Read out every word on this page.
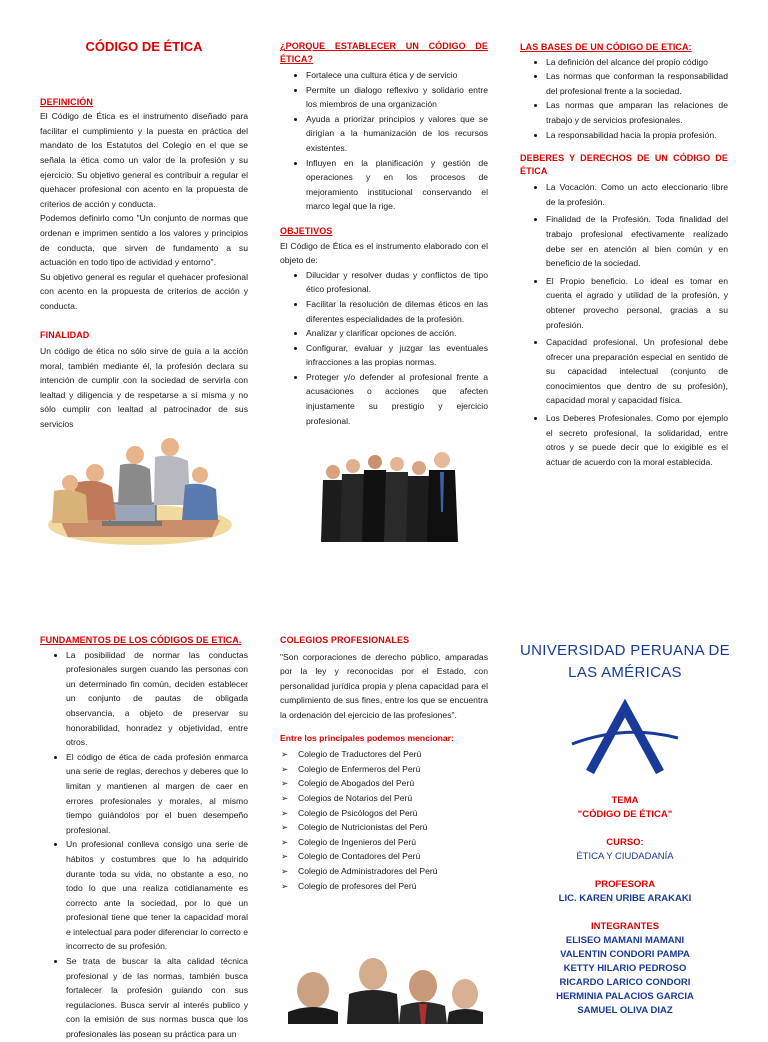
CÓDIGO DE ÉTICA
DEFINICIÓN

El Código de Ética es el instrumento diseñado para facilitar el cumplimiento y la puesta en práctica del mandato de los Estatutos del Colegio en el que se señala la ética como un valor de la profesión y su ejercicio. Su objetivo general es contribuir a regular el quehacer profesional con acento en la propuesta de criterios de acción y conducta.

Podemos definirlo como "Un conjunto de normas que ordenan e imprimen sentido a los valores y principios de conducta, que sirven de fundamento a su actuación en todo tipo de actividad y entorno".

Su objetivo general es regular el quehacer profesional con acento en la propuesta de criterios de acción y conducta.

FINALIDAD

Un código de ética no sólo sirve de guía a la acción moral, también mediante él, la profesión declara su intención de cumplir con la sociedad de servirla con lealtad y diligencia y de respetarse a sí misma y no sólo cumplir con lealtad al patrocinador de sus servicios

¿PORQUE ESTABLECER UN CÓDIGO DE ÉTICA?
• Fortalece una cultura ética y de servicio
• Permite un dialogo reflexivo y solidario entre los miembros de una organización
• Ayuda a priorizar principios y valores que se dirigían a la humanización de los recursos existentes.
• Influyen en la planificación y gestión de operaciones y en los procesos de mejoramiento institucional conservando el marco legal que la rige.
OBJETIVOS

El Código de Ética es el instrumento elaborado con el objeto de:

• Dilucidar y resolver dudas y conflictos de tipo ético profesional.
• Facilitar la resolución de dilemas éticos en las diferentes especialidades de la profesión.
• Analizar y clarificar opciones de acción.
• Configurar, evaluar y juzgar las eventuales infracciones a las propias normas.
• Proteger y/o defender al profesional frente a acusaciones o acciones que afecten injustamente su prestigio y ejercicio profesional.
LAS BASES DE UN CÓDIGO DE ETICA:
• La definición del alcance del propio código
• Las normas que conforman la responsabilidad del profesional frente a la sociedad.
• Las normas que amparan las relaciones de trabajo y de servicios profesionales.
• La responsabilidad hacia la propia profesión.
DEBERES Y DERECHOS DE UN CÓDIGO DE ÉTICA
• La Vocación. Como un acto eleccionario libre de la profesión.
• Finalidad de la Profesión. Toda finalidad del trabajo profesional efectivamente realizado debe ser en atención al bien común y en beneficio de la sociedad.
• El Propio beneficio. Lo ideal es tomar en cuenta el agrado y utilidad de la profesión, y obtener provecho personal, gracias a su profesión.
• Capacidad profesional. Un profesional debe ofrecer una preparación especial en sentido de su capacidad intelectual (conjunto de conocimientos que dentro de su profesión), capacidad moral y capacidad física.
• Los Deberes Profesionales. Como por ejemplo el secreto profesional, la solidaridad, entre otros y se puede decir que lo exigible es el actuar de acuerdo con la moral establecida.
FUNDAMENTOS DE LOS CÓDIGOS DE ETICA.
• La posibilidad de normar las conductas profesionales surgen cuando las personas con un determinado fin común, deciden establecer un conjunto de pautas de obligada observancia, a objeto de preservar su honorabilidad, honradez y objetividad, entre otros.
• El código de ética de cada profesión enmarca una serie de reglas, derechos y deberes que lo limitan y mantienen al margen de caer en errores profesionales y morales, al mismo tiempo guiándolos por el buen desempeño profesional.
• Un profesional conlleva consigo una serie de hábitos y costumbres que lo ha adquirido durante toda su vida, no obstante a eso, no todo lo que una realiza cotidianamente es correcto ante la sociedad, por lo que un profesional tiene que tener la capacidad moral e intelectual para poder diferenciar lo correcto e incorrecto de su profesión.
• Se trata de buscar la alta calidad técnica profesional y de las normas, también busca fortalecer la profesión guiando con sus regulaciones. Busca servir al interés publico y con la emisión de sus normas busca que los profesionales las posean su práctica para un
COLEGIOS PROFESIONALES

"Son corporaciones de derecho público, amparadas por la ley y reconocidas por el Estado, con personalidad jurídica propia y plena capacidad para el cumplimiento de sus fines, entre los que se encuentra la ordenación del ejercicio de las profesiones".

Entre los principales podemos mencionar:
➢ Colegio de Traductores del Perú
➢ Colegio de Enfermeros del Perú
➢ Colegio de Abogados del Perú
➢ Colegios de Notarios del Perú
➢ Colegio de Psicólogos del Perú
➢ Colegio de Nutricionistas del Perú
➢ Colegio de Ingenieros del Perú
➢ Colegio de Contadores del Perú
➢ Colegio de Administradores del Perú
➢ Colegio de profesores del Perú
UNIVERSIDAD PERUANA DE LAS AMÉRICAS
TEMA
"CÓDIGO DE ÉTICA"
CURSO:
ÉTICA Y CIUDADANÍA
PROFESORA
LIC. KAREN URIBE ARAKAKI
INTEGRANTES
ELISEO MAMANI MAMANI
VALENTIN CONDORI PAMPA
KETTY HILARIO PEDROSO
RICARDO LARICO CONDORI
HERMINIA PALACIOS GARCIA
SAMUEL OLIVA DIAZ
